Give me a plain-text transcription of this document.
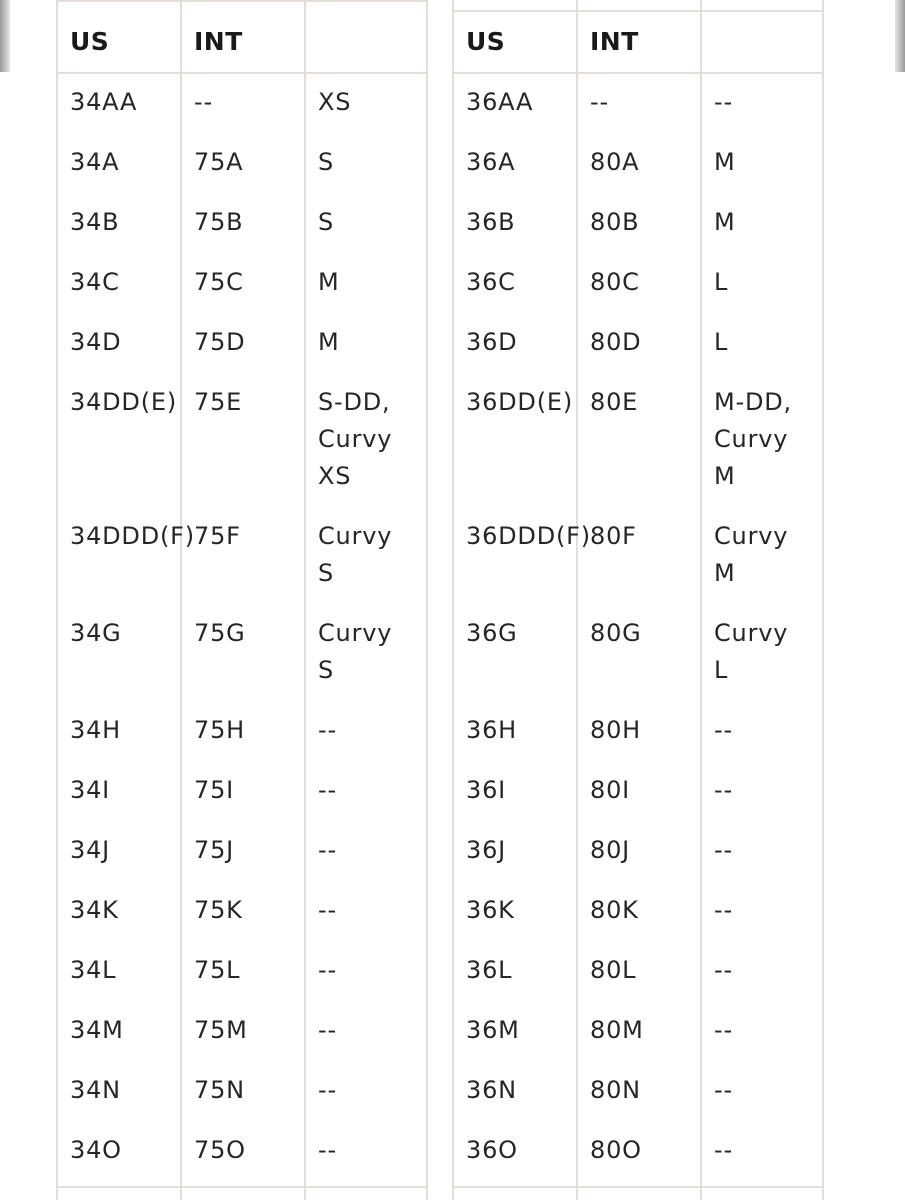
US	INT	

34AA	--	XS

34A	75A	S

34B	75B	S

34C	75C	M

34D	75D	M

34DD(E)	75E	S-DD, Curvy XS

34DDD(F)	75F	Curvy S

34G	75G	Curvy S

34H	75H	--

34I	75I	--

34J	75J	--

34K	75K	--

34L	75L	--

34M	75M	--

34N	75N	--

34O	75O	--
US	INT	

36AA	--	--

36A	80A	M

36B	80B	M

36C	80C	L

36D	80D	L

36DD(E)	80E	M-DD, Curvy M

36DDD(F)	80F	Curvy M

36G	80G	Curvy L

36H	80H	--

36I	80I	--

36J	80J	--

36K	80K	--

36L	80L	--

36M	80M	--

36N	80N	--

36O	80O	--
